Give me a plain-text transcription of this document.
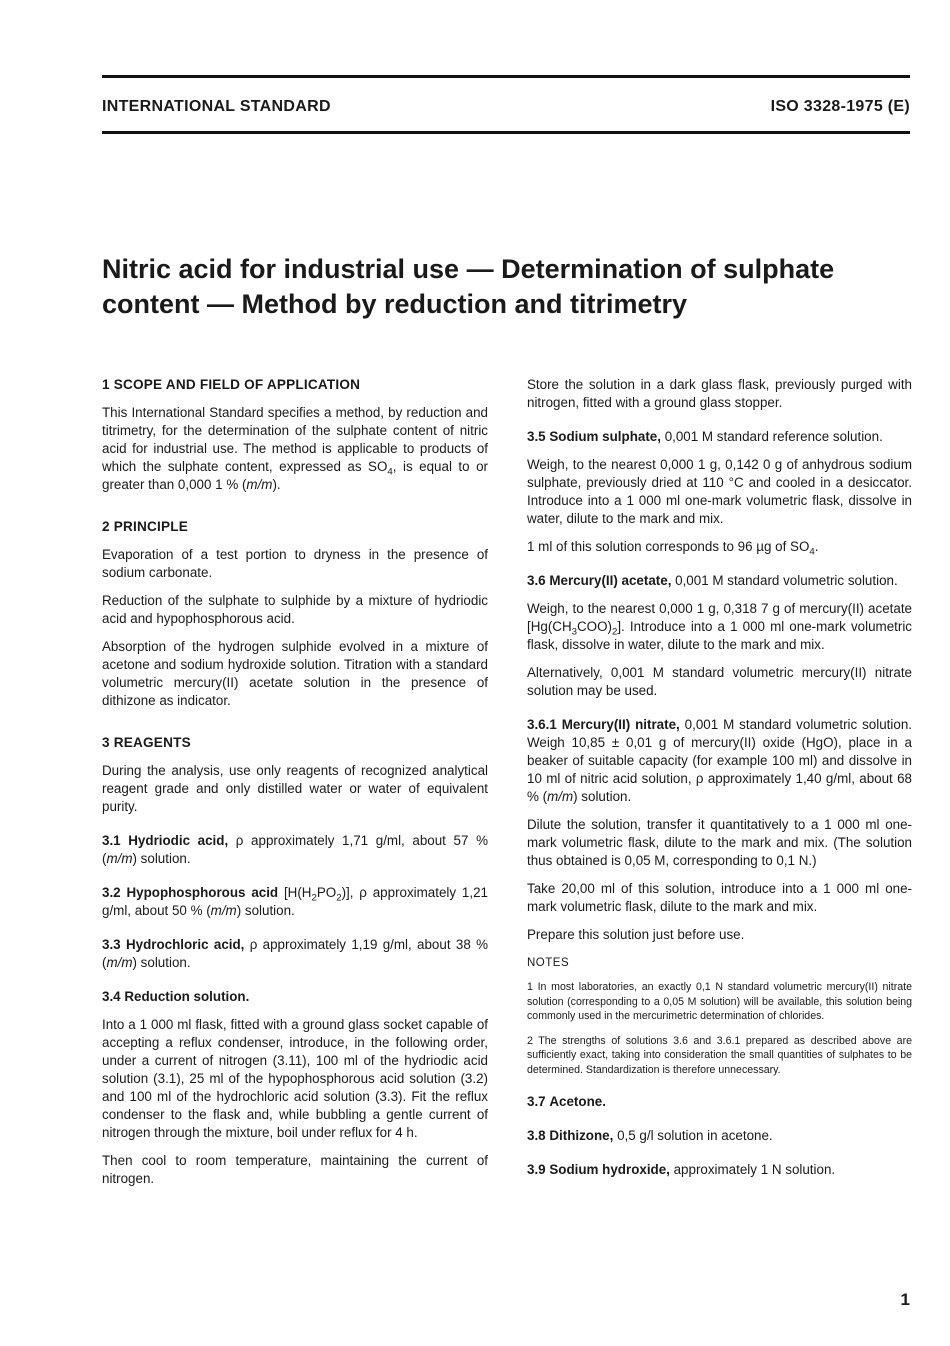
INTERNATIONAL STANDARD	ISO 3328-1975 (E)
Nitric acid for industrial use — Determination of sulphate
content — Method by reduction and titrimetry
1 SCOPE AND FIELD OF APPLICATION

This International Standard specifies a method, by reduction and titrimetry, for the determination of the sulphate content of nitric acid for industrial use. The method is applicable to products of which the sulphate content, expressed as $SO_4$, is equal to or greater than 0,000 1 % (m/m).

2 PRINCIPLE

Evaporation of a test portion to dryness in the presence of sodium carbonate.

Reduction of the sulphate to sulphide by a mixture of hydriodic acid and hypophosphorous acid.

Absorption of the hydrogen sulphide evolved in a mixture of acetone and sodium hydroxide solution. Titration with a standard volumetric mercury(II) acetate solution in the presence of dithizone as indicator.

3 REAGENTS

During the analysis, use only reagents of recognized analytical reagent grade and only distilled water or water of equivalent purity.

3.1 Hydriodic acid, ρ approximately 1,71 g/ml, about 57 % (m/m) solution.

3.2 Hypophosphorous acid $[H(H_2PO_2)]$, ρ approximately 1,21 g/ml, about 50 % (m/m) solution.

3.3 Hydrochloric acid, ρ approximately 1,19 g/ml, about 38 % (m/m) solution.

3.4 Reduction solution.

Into a 1 000 ml flask, fitted with a ground glass socket capable of accepting a reflux condenser, introduce, in the following order, under a current of nitrogen (3.11), 100 ml of the hydriodic acid solution (3.1), 25 ml of the hypophosphorous acid solution (3.2) and 100 ml of the hydrochloric acid solution (3.3). Fit the reflux condenser to the flask and, while bubbling a gentle current of nitrogen through the mixture, boil under reflux for 4 h.

Then cool to room temperature, maintaining the current of nitrogen.

Store the solution in a dark glass flask, previously purged with nitrogen, fitted with a ground glass stopper.

3.5 Sodium sulphate, 0,001 M standard reference solution.

Weigh, to the nearest 0,000 1 g, 0,142 0 g of anhydrous sodium sulphate, previously dried at 110 °C and cooled in a desiccator. Introduce into a 1 000 ml one-mark volumetric flask, dissolve in water, dilute to the mark and mix.

1 ml of this solution corresponds to 96 µg of $SO_4$.

3.6 Mercury(II) acetate, 0,001 M standard volumetric solution.

Weigh, to the nearest 0,000 1 g, 0,318 7 g of mercury(II) acetate $[Hg(CH_3COO)_2]$. Introduce into a 1 000 ml one-mark volumetric flask, dissolve in water, dilute to the mark and mix.

Alternatively, 0,001 M standard volumetric mercury(II) nitrate solution may be used.

3.6.1 Mercury(II) nitrate, 0,001 M standard volumetric solution. Weigh 10,85 ± 0,01 g of mercury(II) oxide (HgO), place in a beaker of suitable capacity (for example 100 ml) and dissolve in 10 ml of nitric acid solution, ρ approximately 1,40 g/ml, about 68 % (m/m) solution.

Dilute the solution, transfer it quantitatively to a 1 000 ml one-mark volumetric flask, dilute to the mark and mix. (The solution thus obtained is 0,05 M, corresponding to 0,1 N.)

Take 20,00 ml of this solution, introduce into a 1 000 ml one-mark volumetric flask, dilute to the mark and mix.

Prepare this solution just before use.

NOTES

1 In most laboratories, an exactly 0,1 N standard volumetric mercury(II) nitrate solution (corresponding to a 0,05 M solution) will be available, this solution being commonly used in the mercurimetric determination of chlorides.

2 The strengths of solutions 3.6 and 3.6.1 prepared as described above are sufficiently exact, taking into consideration the small quantities of sulphates to be determined. Standardization is therefore unnecessary.

3.7 Acetone.

3.8 Dithizone, 0,5 g/l solution in acetone.

3.9 Sodium hydroxide, approximately 1 N solution.

1
